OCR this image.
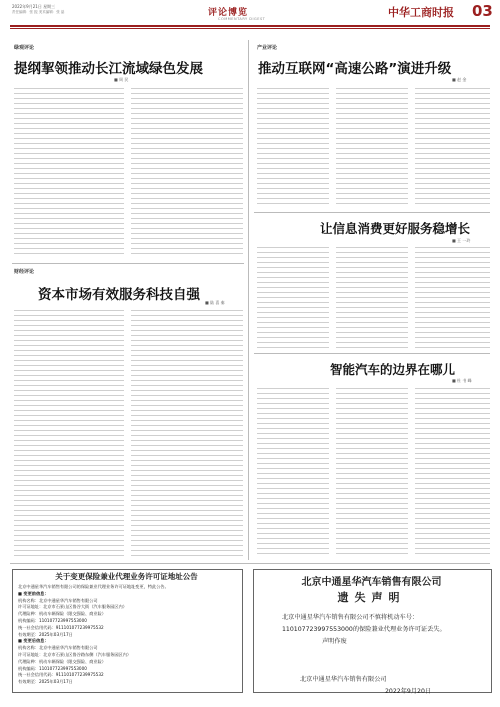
2022年9月21日 星期三
责任编辑：张 振 美术编辑：张 晶	评论博览
COMMENTARY DIGEST	中华工商时报 03
绿观评论
提纲挈领推动长江流域绿色发展
■ 周 民
财经评论
资本市场有效服务科技自强 ■ 陆 喜 秦
产业评论
推动互联网“高速公路”演进升级
■ 赵 金
让信息消费更好服务稳增长
■ 王 一玲
智能汽车的边界在哪儿
■ 杜 书 峰
关于变更保险兼业代理业务许可证地址公告
北京中通星华汽车销售有限公司的保险兼业代理业务许可证地址变更，特此公告。
■ 变更前信息：
机构名称：北京中通星华汽车销售有限公司
许可证地址：北京市石景山区鲁谷大街（汽车服务园区内）
代理险种：机动车辆保险（限交强险、商业险）
机构编码：110107723997553000
统一社会信用代码：911101077239975532
有效期至：2025年03月17日
■ 变更后信息：
机构名称：北京中通星华汽车销售有限公司
许可证地址：北京市石景山区鲁谷路东侧（汽车服务园区内）
代理险种：机动车辆保险（限交强险、商业险）
机构编码：110107723997553000
统一社会信用代码：911101077239975532
有效期至：2025年03月17日
北京中通星华汽车销售有限公司
遗失声明
北京中通星华汽车销售有限公司不慎将机动车号：110107723997553000的保险兼业代理业务许可证丢失。
声明作废
北京中通星华汽车销售有限公司
2022年9月20日
